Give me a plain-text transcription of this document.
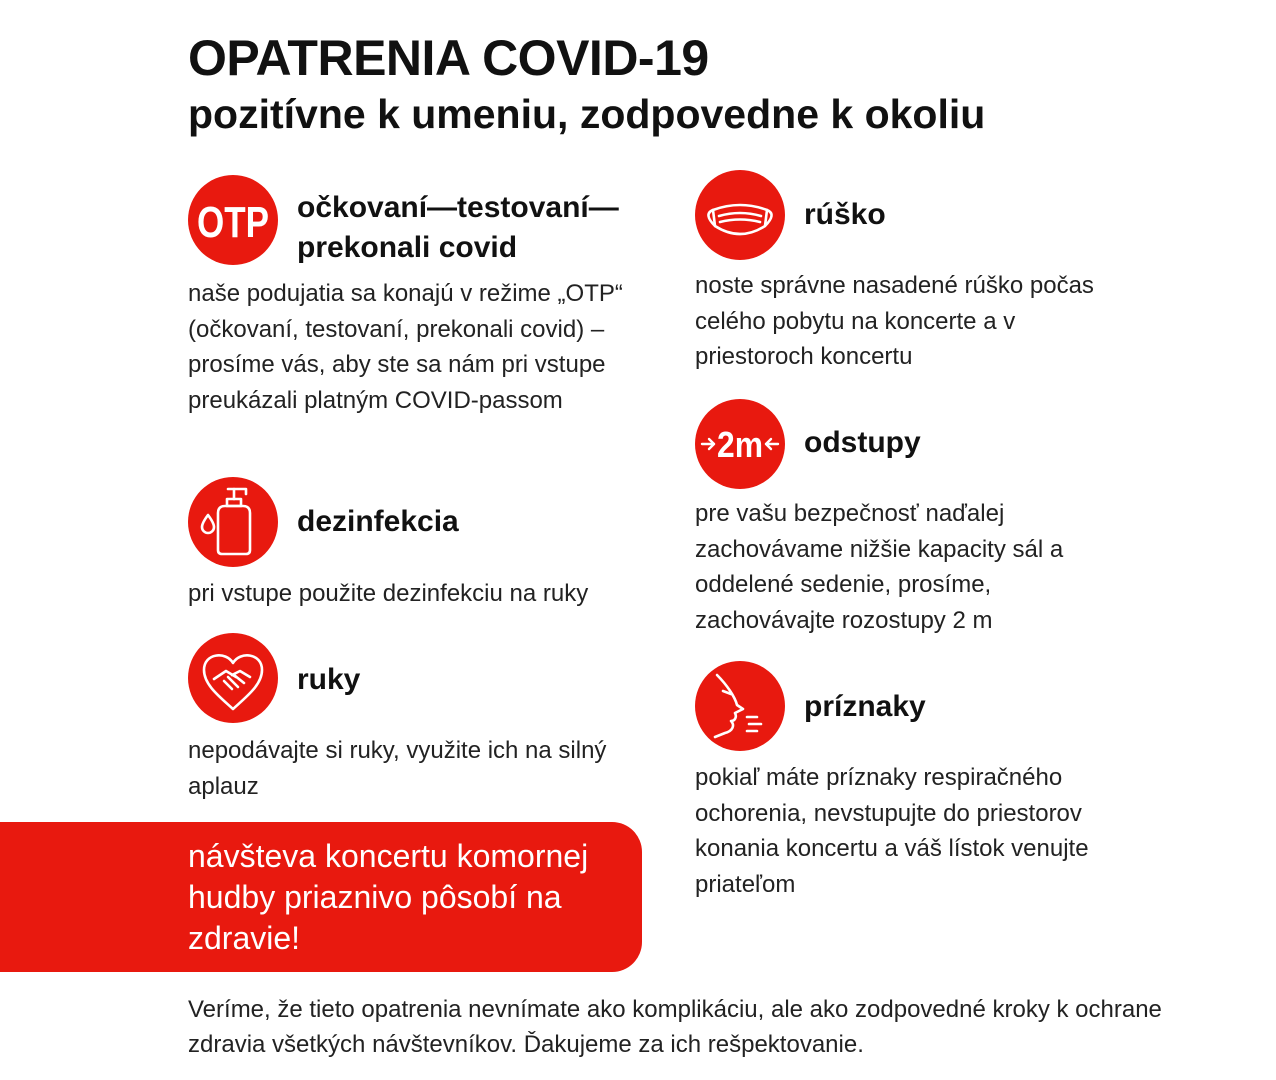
OPATRENIA COVID-19
pozitívne k umeniu, zodpovedne k okoliu
OTP očkovaní—testovaní—prekonali covid
naše podujatia sa konajú v režime „OTP“ (očkovaní, testovaní, prekonali covid) – prosíme vás, aby ste sa nám pri vstupe preukázali platným COVID-passom
dezinfekcia
pri vstupe použite dezinfekciu na ruky
ruky
nepodávajte si ruky, využite ich na silný aplauz
rúško
noste správne nasadené rúško počas celého pobytu na koncerte a v priestoroch koncertu
2m odstupy
pre vašu bezpečnosť naďalej zachovávame nižšie kapacity sál a oddelené sedenie, prosíme, zachovávajte rozostupy 2 m
príznaky
pokiaľ máte príznaky respiračného ochorenia, nevstupujte do priestorov konania koncertu a váš lístok venujte priateľom
návšteva koncertu komornej hudby priaznivo pôsobí na zdravie!
Veríme, že tieto opatrenia nevnímate ako komplikáciu, ale ako zodpovedné kroky k ochrane zdravia všetkých návštevníkov. Ďakujeme za ich rešpektovanie.
